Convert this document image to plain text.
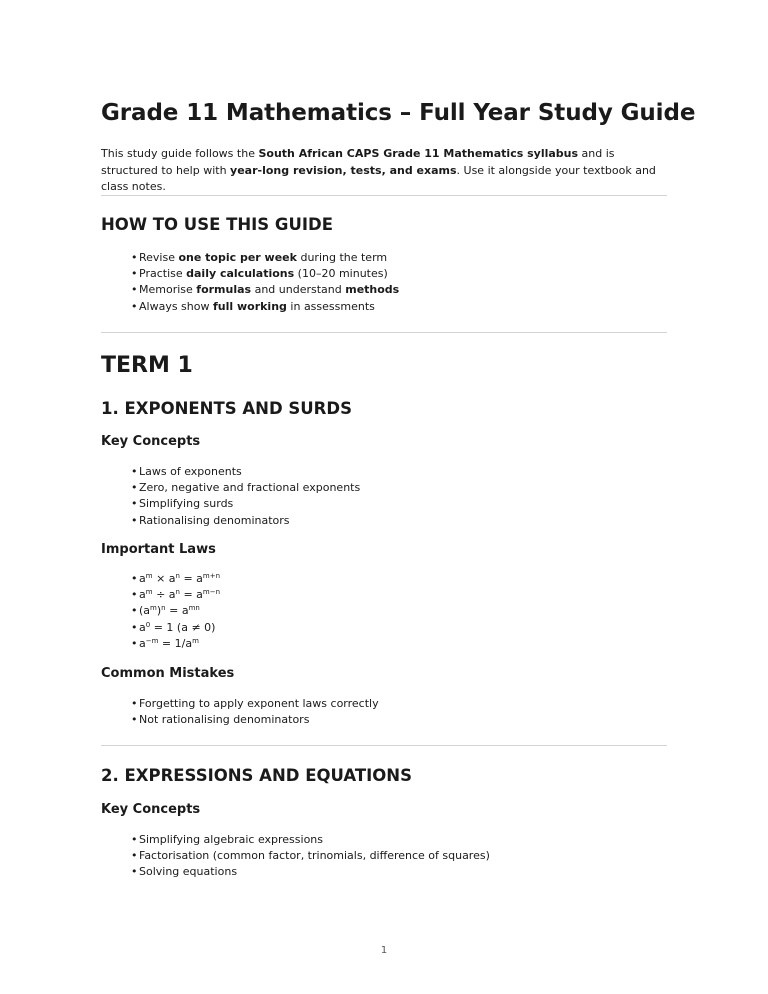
Grade 11 Mathematics – Full Year Study Guide

This study guide follows the South African CAPS Grade 11 Mathematics syllabus and is structured to help with year-long revision, tests, and exams. Use it alongside your textbook and class notes.

HOW TO USE THIS GUIDE
• Revise one topic per week during the term
• Practise daily calculations (10–20 minutes)
• Memorise formulas and understand methods
• Always show full working in assessments
TERM 1
1. EXPONENTS AND SURDS
Key Concepts
• Laws of exponents
• Zero, negative and fractional exponents
• Simplifying surds
• Rationalising denominators
Important Laws
• $a^m \times a^n = a^{m+n}$
• $a^m \div a^n = a^{m-n}$
• $(a^m)^n = a^{mn}$
• $a^0 = 1$ (a ≠ 0)
• $a^{-m} = 1/a^m$
Common Mistakes
• Forgetting to apply exponent laws correctly
• Not rationalising denominators
2. EXPRESSIONS AND EQUATIONS
Key Concepts
• Simplifying algebraic expressions
• Factorisation (common factor, trinomials, difference of squares)
• Solving equations
1
